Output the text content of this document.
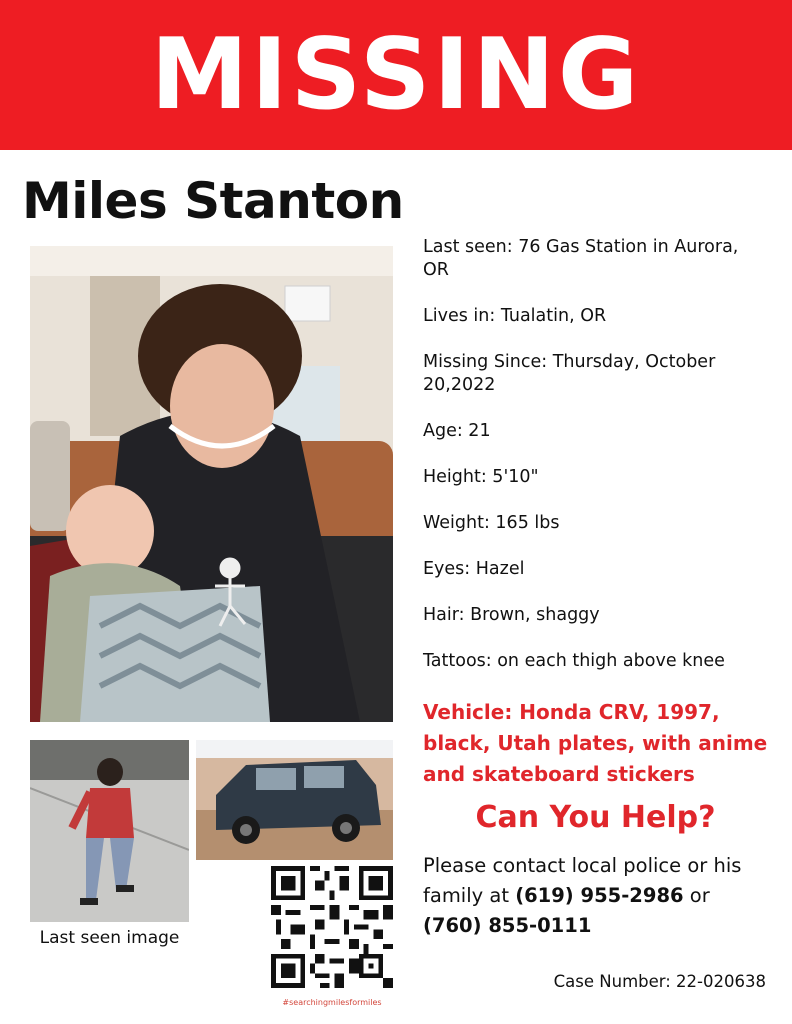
MISSING
Miles Stanton
Last seen image
#searchingmilesformiles
Last seen: 76 Gas Station in Aurora, OR
Lives in: Tualatin, OR
Missing Since: Thursday, October 20,2022
Age: 21
Height: 5'10"
Weight: 165 lbs
Eyes: Hazel
Hair: Brown, shaggy
Tattoos: on each thigh above knee
Vehicle: Honda CRV, 1997, black, Utah plates, with anime and skateboard stickers
Can You Help?
Please contact local police or his family at (619) 955-2986 or (760) 855-0111
Case Number: 22-020638
